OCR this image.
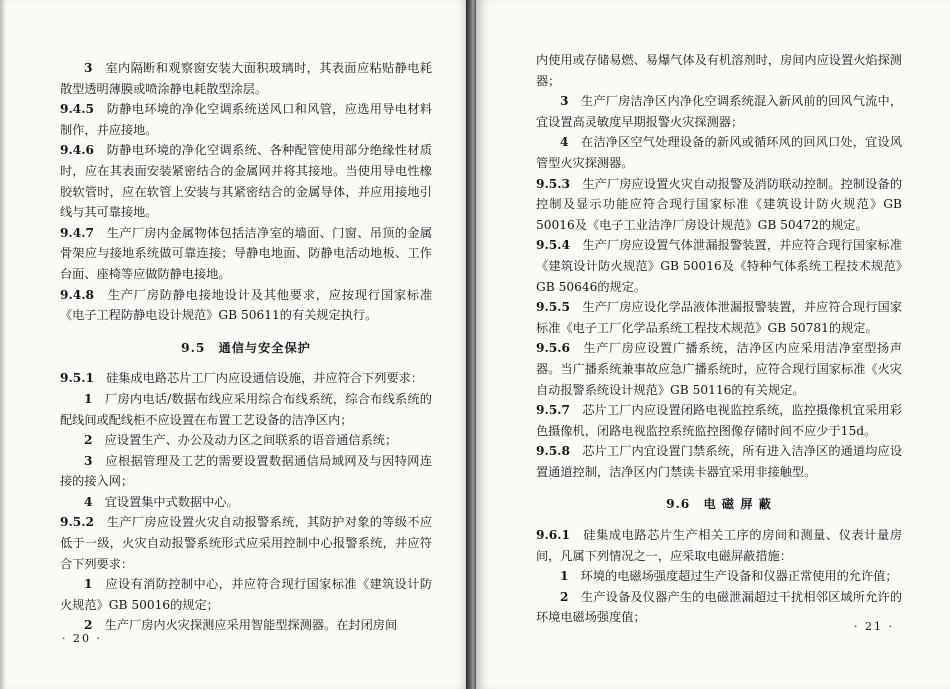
3　 室内隔断和观察窗安装大面积玻璃时，其表面应粘贴静电耗散型透明薄膜或喷涂静电耗散型涂层。

9.4.5　 防静电环境的净化空调系统送风口和风管，应选用导电材料制作，并应接地。

9.4.6　 防静电环境的净化空调系统、各种配管使用部分绝缘性材质时，应在其表面安装紧密结合的金属网并将其接地。当使用导电性橡胶软管时，应在软管上安装与其紧密结合的金属导体，并应用接地引线与其可靠接地。

9.4.7　 生产厂房内金属物体包括洁净室的墙面、门窗、吊顶的金属骨架应与接地系统做可靠连接；导静电地面、防静电活动地板、工作台面、座椅等应做防静电接地。

9.4.8　 生产厂房防静电接地设计及其他要求，应按现行国家标准《电子工程防静电设计规范》GB 50611的有关规定执行。

9.5　通信与安全保护

9.5.1　 硅集成电路芯片工厂内应设通信设施，并应符合下列要求：

1　 厂房内电话/数据布线应采用综合布线系统，综合布线系统的配线间或配线柜不应设置在布置工艺设备的洁净区内；

2　 应设置生产、办公及动力区之间联系的语音通信系统；

3　 应根据管理及工艺的需要设置数据通信局域网及与因特网连接的接入网；

4　 宜设置集中式数据中心。

9.5.2　 生产厂房应设置火灾自动报警系统，其防护对象的等级不应低于一级，火灾自动报警系统形式应采用控制中心报警系统，并应符合下列要求：

1　 应设有消防控制中心，并应符合现行国家标准《建筑设计防火规范》GB 50016的规定；

2　 生产厂房内火灾探测应采用智能型探测器。在封闭房间

· 20 ·

内使用或存储易燃、易爆气体及有机溶剂时，房间内应设置火焰探测器；

3　 生产厂房洁净区内净化空调系统混入新风前的回风气流中，宜设置高灵敏度早期报警火灾探测器；

4　 在洁净区空气处理设备的新风或循环风的回风口处，宜设风管型火灾探测器。

9.5.3　 生产厂房应设置火灾自动报警及消防联动控制。控制设备的控制及显示功能应符合现行国家标准《建筑设计防火规范》GB 50016及《电子工业洁净厂房设计规范》GB 50472的规定。

9.5.4　 生产厂房应设置气体泄漏报警装置，并应符合现行国家标准《建筑设计防火规范》GB 50016及《特种气体系统工程技术规范》GB 50646的规定。

9.5.5　 生产厂房应设化学品液体泄漏报警装置，并应符合现行国家标准《电子工厂化学品系统工程技术规范》GB 50781的规定。

9.5.6　 生产厂房应设置广播系统，洁净区内应采用洁净室型扬声器。当广播系统兼事故应急广播系统时，应符合现行国家标准《火灾自动报警系统设计规范》GB 50116的有关规定。

9.5.7　 芯片工厂内应设置闭路电视监控系统，监控摄像机宜采用彩色摄像机，闭路电视监控系统监控图像存储时间不应少于15d。

9.5.8　 芯片工厂内宜设置门禁系统，所有进入洁净区的通道均应设置通道控制，洁净区内门禁读卡器宜采用非接触型。

9.6　电 磁 屏 蔽

9.6.1　 硅集成电路芯片生产相关工序的房间和测量、仪表计量房间，凡属下列情况之一，应采取电磁屏蔽措施：

1　 环境的电磁场强度超过生产设备和仪器正常使用的允许值；

2　 生产设备及仪器产生的电磁泄漏超过干扰相邻区域所允许的环境电磁场强度值；

· 21 ·
